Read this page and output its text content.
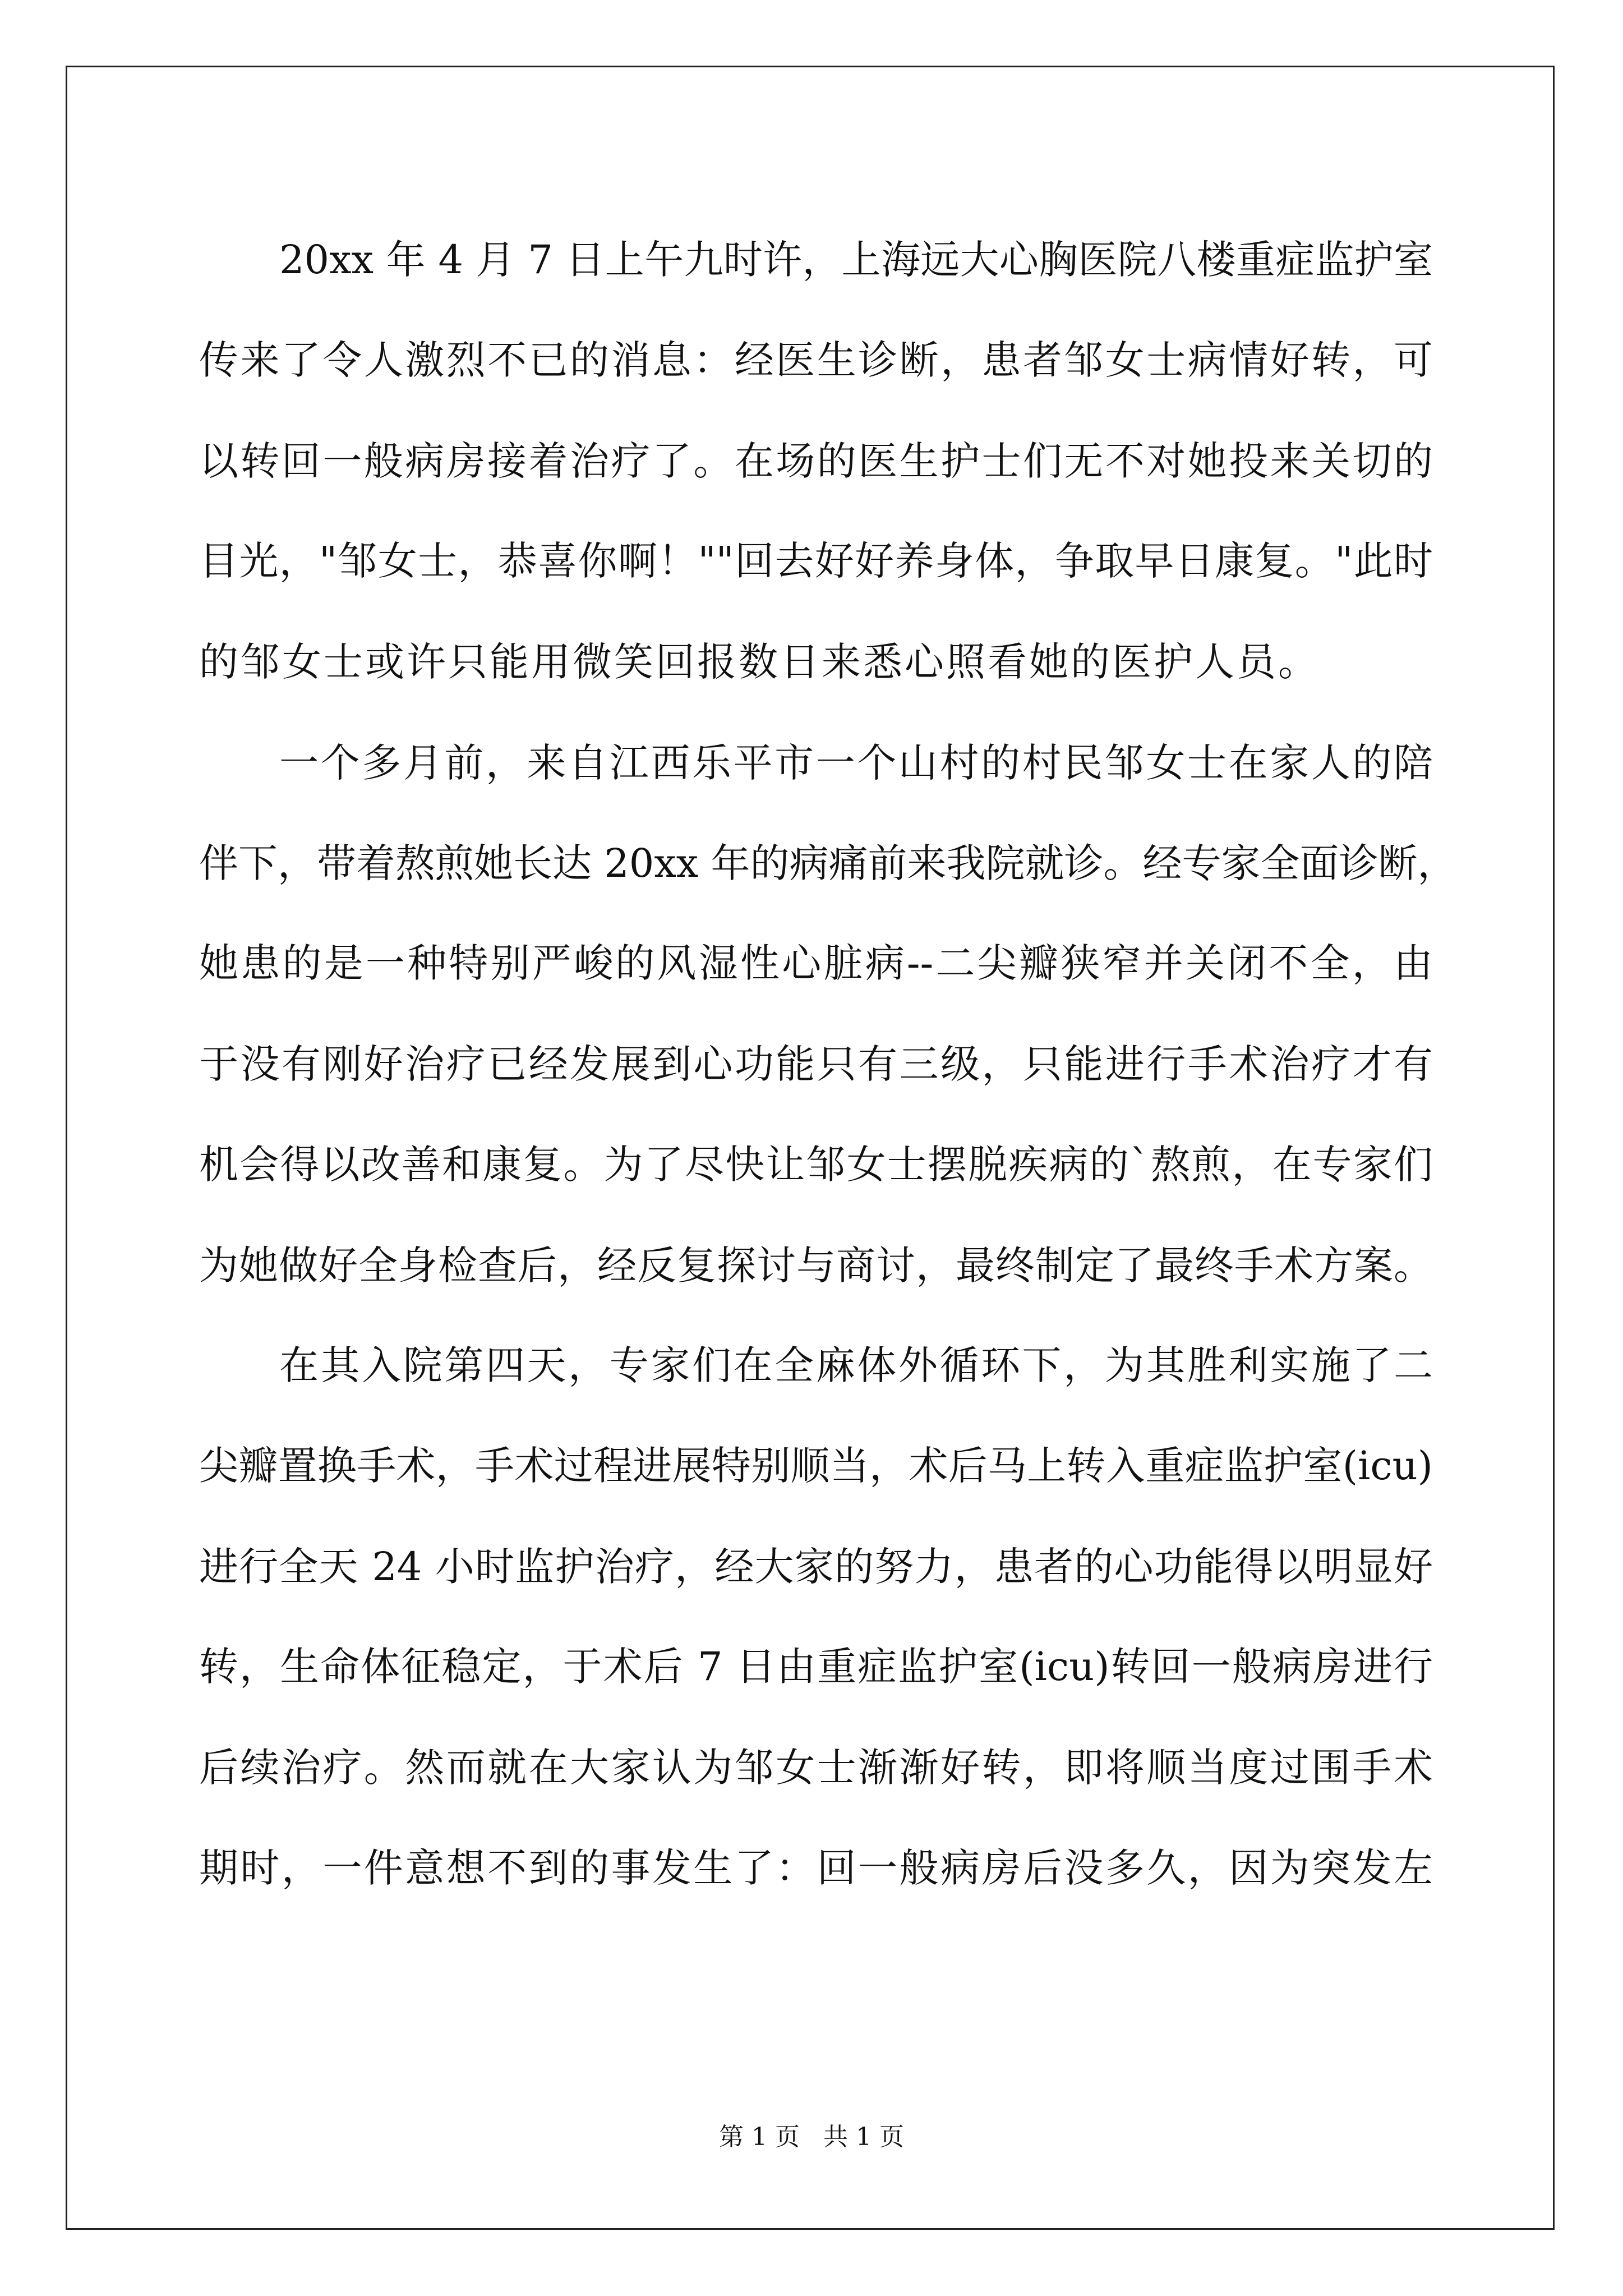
20xx 年 4 月 7 日上午九时许，上海远大心胸医院八楼重症监护室
传来了令人激烈不已的消息：经医生诊断，患者邹女士病情好转，可
以转回一般病房接着治疗了。在场的医生护士们无不对她投来关切的
目光，"邹女士，恭喜你啊！""回去好好养身体，争取早日康复。"此时
的邹女士或许只能用微笑回报数日来悉心照看她的医护人员。
一个多月前，来自江西乐平市一个山村的村民邹女士在家人的陪
伴下，带着熬煎她长达 20xx 年的病痛前来我院就诊。经专家全面诊断，
她患的是一种特别严峻的风湿性心脏病--二尖瓣狭窄并关闭不全，由
于没有刚好治疗已经发展到心功能只有三级，只能进行手术治疗才有
机会得以改善和康复。为了尽快让邹女士摆脱疾病的`熬煎，在专家们
为她做好全身检查后，经反复探讨与商讨，最终制定了最终手术方案。
在其入院第四天，专家们在全麻体外循环下，为其胜利实施了二
尖瓣置换手术，手术过程进展特别顺当，术后马上转入重症监护室(icu)
进行全天 24 小时监护治疗，经大家的努力，患者的心功能得以明显好
转，生命体征稳定，于术后 7 日由重症监护室(icu)转回一般病房进行
后续治疗。然而就在大家认为邹女士渐渐好转，即将顺当度过围手术
期时，一件意想不到的事发生了：回一般病房后没多久，因为突发左
第 1 页   共 1 页
